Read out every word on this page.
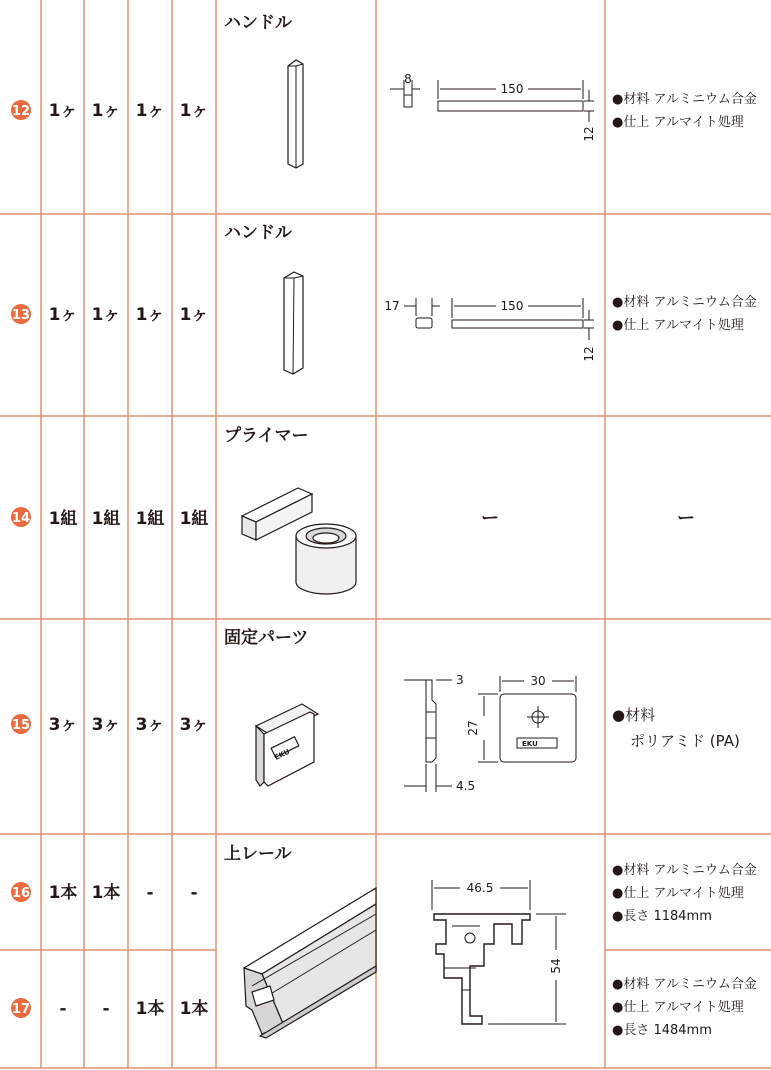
12 1ヶ 1ヶ 1ヶ 1ヶ
ハンドル
8
150
12
●材料 アルミニウム合金
●仕上 アルマイト処理
13 1ヶ 1ヶ 1ヶ 1ヶ
ハンドル
17	150
12
●材料 アルミニウム合金
●仕上 アルマイト処理
14 1組 1組 1組 1組
プライマー
ー	ー
15 3ヶ 3ヶ 3ヶ 3ヶ
固定パーツ
EKU
3	30
27
4.5
EKU
●材料
ポリアミド (PA)
16 1本 1本 - -
上レール
46.5
54
●材料 アルミニウム合金
●仕上 アルマイト処理
●長さ 1184mm
17 - - 1本 1本
●材料 アルミニウム合金
●仕上 アルマイト処理
●長さ 1484mm
